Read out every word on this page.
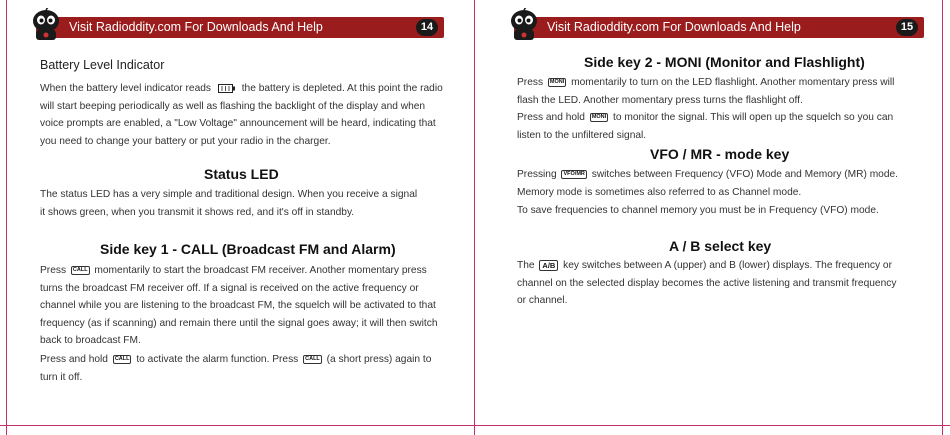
Visit Radioddity.com For Downloads And Help	14
Battery Level Indicator
When the battery level indicator reads	the battery is depleted. At this point the radio will start beeping periodically as well as flashing the backlight of the display and when voice prompts are enabled, a "Low Voltage" announcement will be heard, indicating that you need to change your battery or put your radio in the charger.
Status LED
The status LED has a very simple and traditional design. When you receive a signal it shows green, when you transmit it shows red, and it's off in standby.
Side key 1 - CALL (Broadcast FM and Alarm)
Press CALL momentarily to start the broadcast FM receiver. Another momentary press turns the broadcast FM receiver off. If a signal is received on the active frequency or channel while you are listening to the broadcast FM, the squelch will be activated to that frequency (as if scanning) and remain there until the signal goes away; it will then switch back to broadcast FM.
Press and hold CALL to activate the alarm function. Press CALL (a short press) again to turn it off.
Visit Radioddity.com For Downloads And Help	15
Side key 2 - MONI (Monitor and Flashlight)
Press MONI momentarily to turn on the LED flashlight. Another momentary press will flash the LED. Another momentary press turns the flashlight off.
Press and hold MONI to monitor the signal. This will open up the squelch so you can listen to the unfiltered signal.
VFO / MR - mode key
Pressing VFO/MR switches between Frequency (VFO) Mode and Memory (MR) mode.
Memory mode is sometimes also referred to as Channel mode.
To save frequencies to channel memory you must be in Frequency (VFO) mode.
A / B select key
The A/B key switches between A (upper) and B (lower) displays. The frequency or channel on the selected display becomes the active listening and transmit frequency or channel.
